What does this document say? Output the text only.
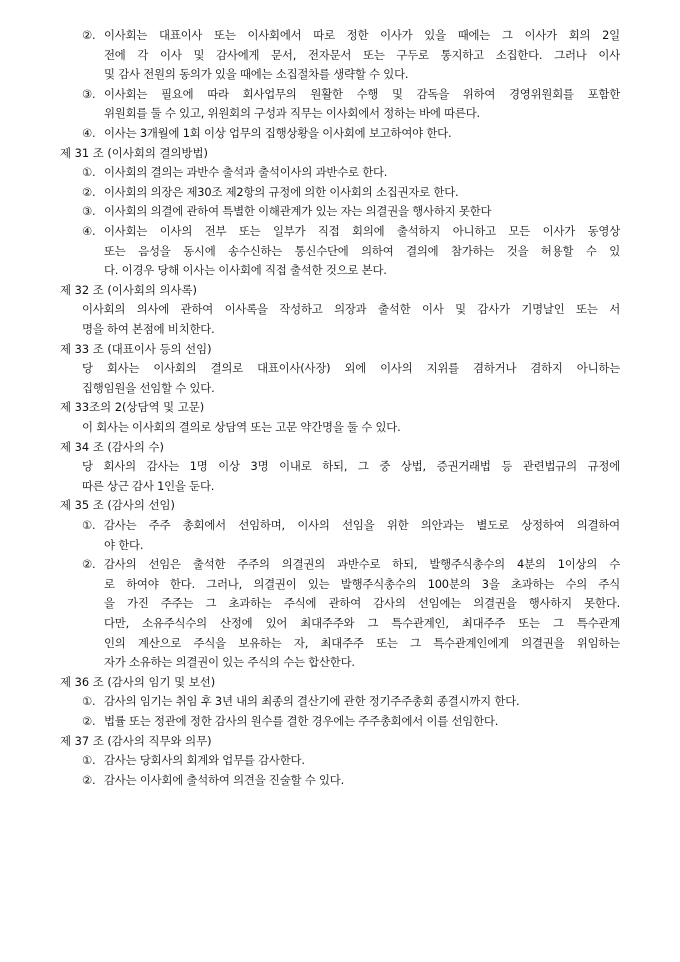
②. 이사회는 대표이사 또는 이사회에서 따로 정한 이사가 있을 때에는 그 이사가 회의 2일
전에 각 이사 및 감사에게 문서, 전자문서 또는 구두로 통지하고 소집한다. 그러나 이사
및 감사 전원의 동의가 있을 때에는 소집절차를 생략할 수 있다.
③. 이사회는 필요에 따라 회사업무의 원활한 수행 및 감독을 위하여 경영위원회를 포함한
위원회를 둘 수 있고, 위원회의 구성과 직무는 이사회에서 정하는 바에 따른다.
④. 이사는 3개월에 1회 이상 업무의 집행상황을 이사회에 보고하여야 한다.
제 31 조 (이사회의 결의방법)
①. 이사회의 결의는 과반수 출석과 출석이사의 과반수로 한다.
②. 이사회의 의장은 제30조 제2항의 규정에 의한 이사회의 소집권자로 한다.
③. 이사회의 의결에 관하여 특별한 이해관계가 있는 자는 의결권을 행사하지 못한다
④. 이사회는 이사의 전부 또는 일부가 직접 회의에 출석하지 아니하고 모든 이사가 동영상
또는 음성을 동시에 송수신하는 통신수단에 의하여 결의에 참가하는 것을 허용할 수 있
다. 이경우 당해 이사는 이사회에 직접 출석한 것으로 본다.
제 32 조 (이사회의 의사록)
이사회의 의사에 관하여 이사록을 작성하고 의장과 출석한 이사 및 감사가 기명날인 또는 서
명을 하여 본점에 비치한다.
제 33 조 (대표이사 등의 선임)
당 회사는 이사회의 결의로 대표이사(사장) 외에 이사의 지위를 겸하거나 겸하지 아니하는
집행임원을 선임할 수 있다.
제 33조의 2(상담역 및 고문)
이 회사는 이사회의 결의로 상담역 또는 고문 약간명을 둘 수 있다.
제 34 조 (감사의 수)
당 회사의 감사는 1명 이상 3명 이내로 하되, 그 중 상법, 증권거래법 등 관련법규의 규정에
따른 상근 감사 1인을 둔다.
제 35 조 (감사의 선임)
①. 감사는 주주 총회에서 선임하며, 이사의 선임을 위한 의안과는 별도로 상정하여 의결하여
야 한다.
②. 감사의 선임은 출석한 주주의 의결권의 과반수로 하되, 발행주식총수의 4분의 1이상의 수
로 하여야 한다. 그러나, 의결권이 있는 발행주식총수의 100분의 3을 초과하는 수의 주식
을 가진 주주는 그 초과하는 주식에 관하여 감사의 선임에는 의결권을 행사하지 못한다.
다만, 소유주식수의 산정에 있어 최대주주와 그 특수관계인, 최대주주 또는 그 특수관계
인의 계산으로 주식을 보유하는 자, 최대주주 또는 그 특수관계인에게 의결권을 위임하는
자가 소유하는 의결권이 있는 주식의 수는 합산한다.
제 36 조 (감사의 임기 및 보선)
①. 감사의 임기는 취임 후 3년 내의 최종의 결산기에 관한 정기주주총회 종결시까지 한다.
②. 법률 또는 정관에 정한 감사의 원수를 결한 경우에는 주주총회에서 이를 선임한다.
제 37 조 (감사의 직무와 의무)
①. 감사는 당회사의 회계와 업무를 감사한다.
②. 감사는 이사회에 출석하여 의견을 진술할 수 있다.
